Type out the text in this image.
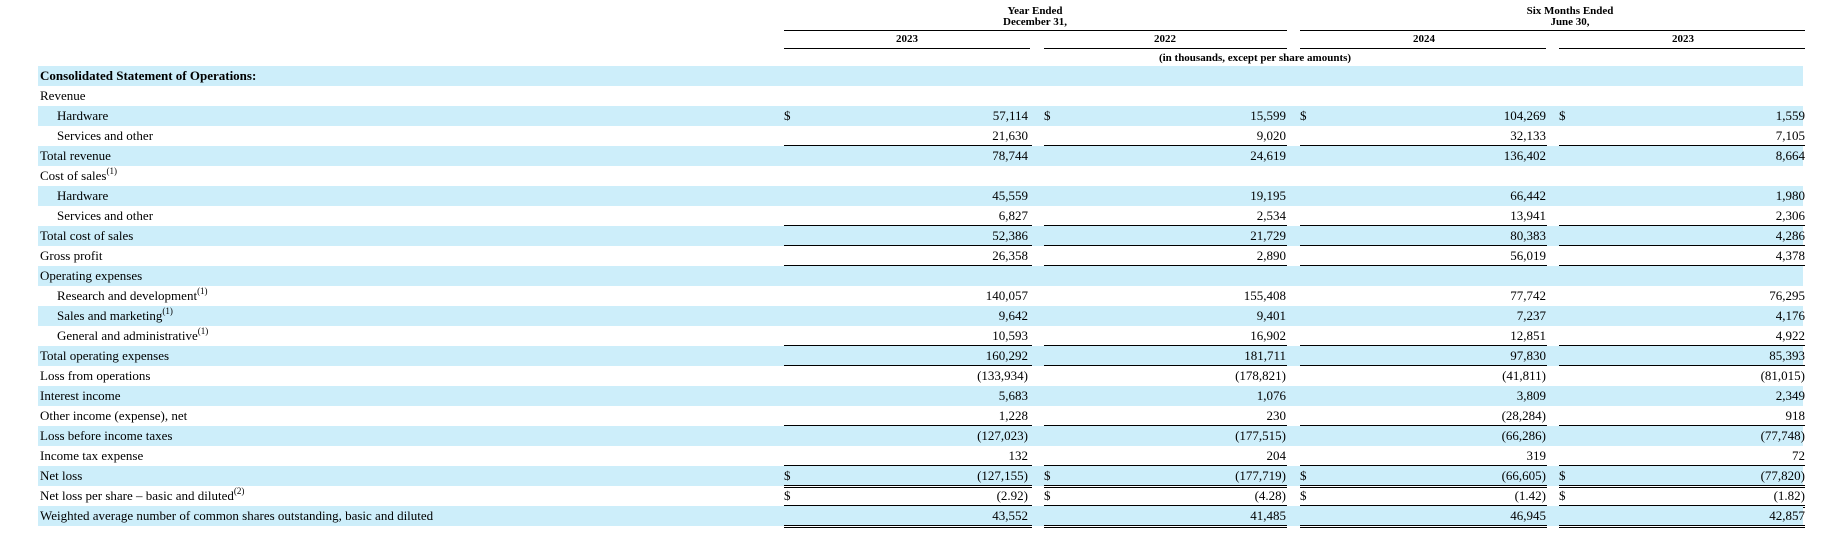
Year Ended
December 31,
Six Months Ended
June 30,
2023	2022	2024	2023
(in thousands, except per share amounts)
Consolidated Statement of Operations:
Revenue
Hardware	$	57,114 $	15,599 $	104,269 $	1,559
Services and other	21,630	9,020	32,133	7,105
Total revenue	78,744	24,619	136,402	8,664
Cost of sales$^{(1)}$
Hardware	45,559	19,195	66,442	1,980
Services and other	6,827	2,534	13,941	2,306
Total cost of sales	52,386	21,729	80,383	4,286
Gross profit	26,358	2,890	56,019	4,378
Operating expenses
Research and development$^{(1)}$	140,057	155,408	77,742	76,295
Sales and marketing$^{(1)}$	9,642	9,401	7,237	4,176
General and administrative$^{(1)}$	10,593	16,902	12,851	4,922
Total operating expenses	160,292	181,711	97,830	85,393
Loss from operations	(133,934)	(178,821)	(41,811)	(81,015)
Interest income	5,683	1,076	3,809	2,349
Other income (expense), net	1,228	230	(28,284)	918
Loss before income taxes	(127,023)	(177,515)	(66,286)	(77,748)
Income tax expense	132	204	319	72
Net loss	$	(127,155) $	(177,719) $	(66,605) $	(77,820)
Net loss per share – basic and diluted$^{(2)}$	$	(2.92) $	(4.28) $	(1.42) $	(1.82)
Weighted average number of common shares outstanding, basic and diluted	43,552	41,485	46,945	42,857
